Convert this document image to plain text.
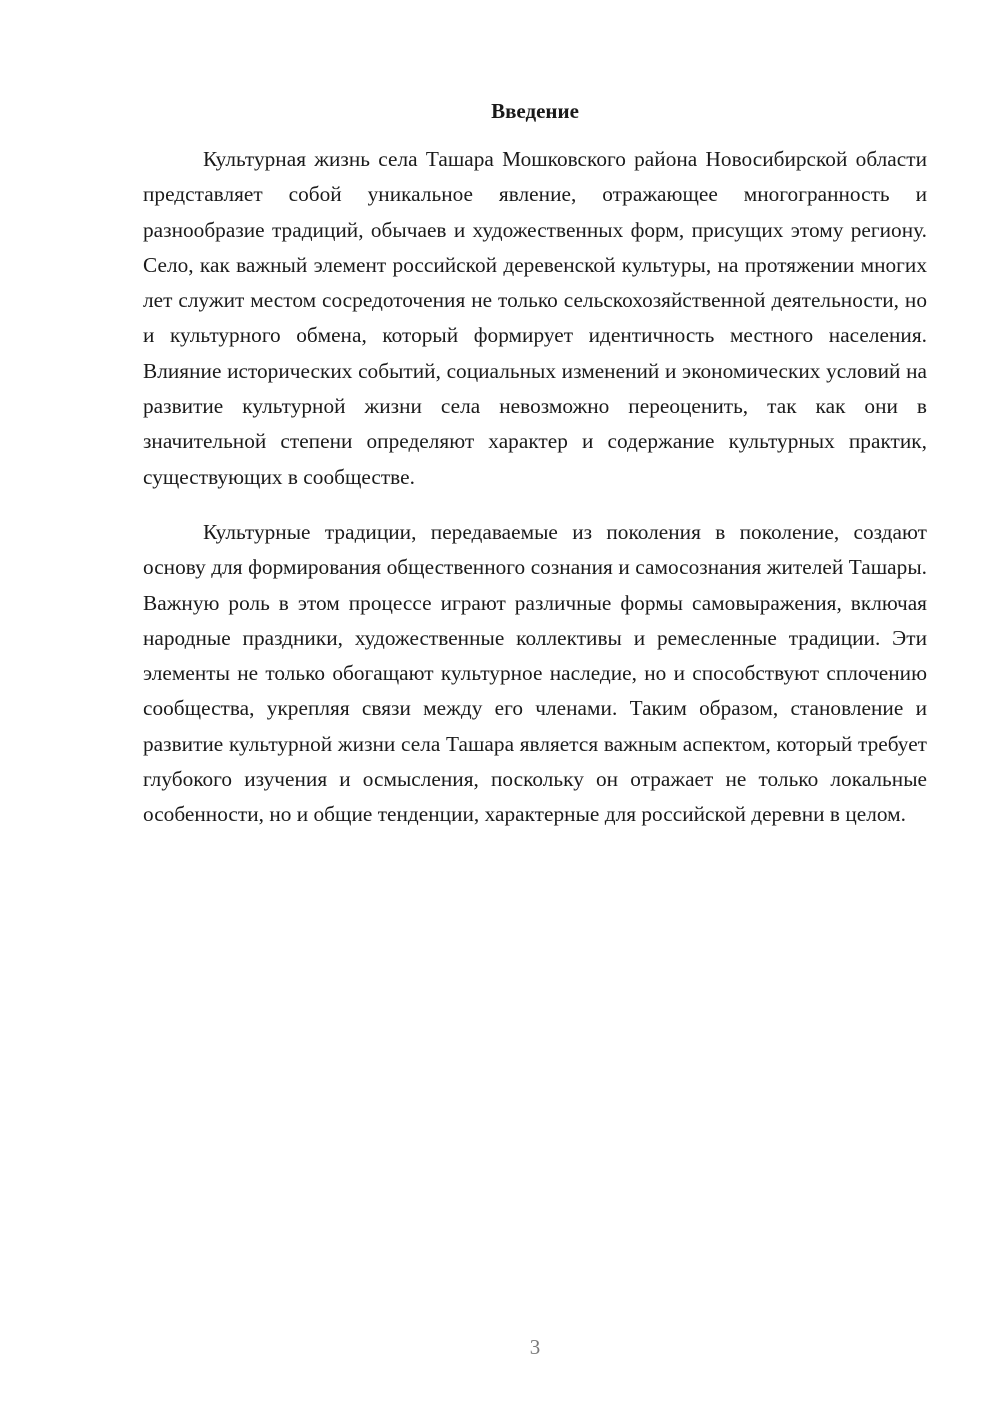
Введение

Культурная жизнь села Ташара Мошковского района Новосибирской области представляет собой уникальное явление, отражающее многогранность и разнообразие традиций, обычаев и художественных форм, присущих этому региону. Село, как важный элемент российской деревенской культуры, на протяжении многих лет служит местом сосредоточения не только сельскохозяйственной деятельности, но и культурного обмена, который формирует идентичность местного населения. Влияние исторических событий, социальных изменений и экономических условий на развитие культурной жизни села невозможно переоценить, так как они в значительной степени определяют характер и содержание культурных практик, существующих в сообществе.

Культурные традиции, передаваемые из поколения в поколение, создают основу для формирования общественного сознания и самосознания жителей Ташары. Важную роль в этом процессе играют различные формы самовыражения, включая народные праздники, художественные коллективы и ремесленные традиции. Эти элементы не только обогащают культурное наследие, но и способствуют сплочению сообщества, укрепляя связи между его членами. Таким образом, становление и развитие культурной жизни села Ташара является важным аспектом, который требует глубокого изучения и осмысления, поскольку он отражает не только локальные особенности, но и общие тенденции, характерные для российской деревни в целом.

3
